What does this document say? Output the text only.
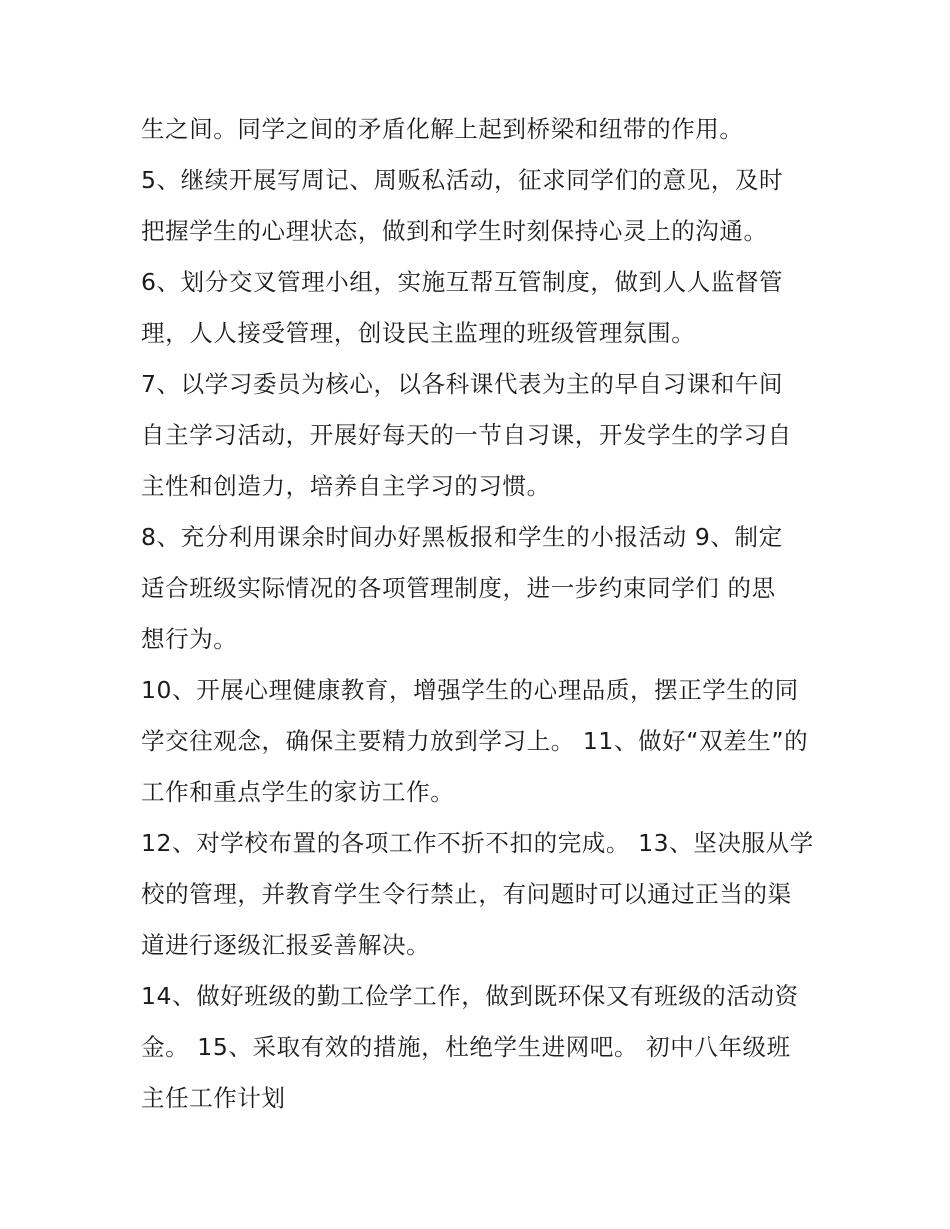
生之间。同学之间的矛盾化解上起到桥梁和纽带的作用。
5、继续开展写周记、周贩私活动，征求同学们的意见，及时
把握学生的心理状态，做到和学生时刻保持心灵上的沟通。
6、划分交叉管理小组，实施互帮互管制度，做到人人监督管
理，人人接受管理，创设民主监理的班级管理氛围。
7、以学习委员为核心，以各科课代表为主的早自习课和午间
自主学习活动，开展好每天的一节自习课，开发学生的学习自
主性和创造力，培养自主学习的习惯。
8、充分利用课余时间办好黑板报和学生的小报活动 9、制定
适合班级实际情况的各项管理制度，进一步约束同学们 的思
想行为。
10、开展心理健康教育，增强学生的心理品质，摆正学生的同
学交往观念，确保主要精力放到学习上。 11、做好“双差生”的
工作和重点学生的家访工作。
12、对学校布置的各项工作不折不扣的完成。 13、坚决服从学
校的管理，并教育学生令行禁止，有问题时可以通过正当的渠
道进行逐级汇报妥善解决。
14、做好班级的勤工俭学工作，做到既环保又有班级的活动资
金。 15、采取有效的措施，杜绝学生进网吧。 初中八年级班
主任工作计划
